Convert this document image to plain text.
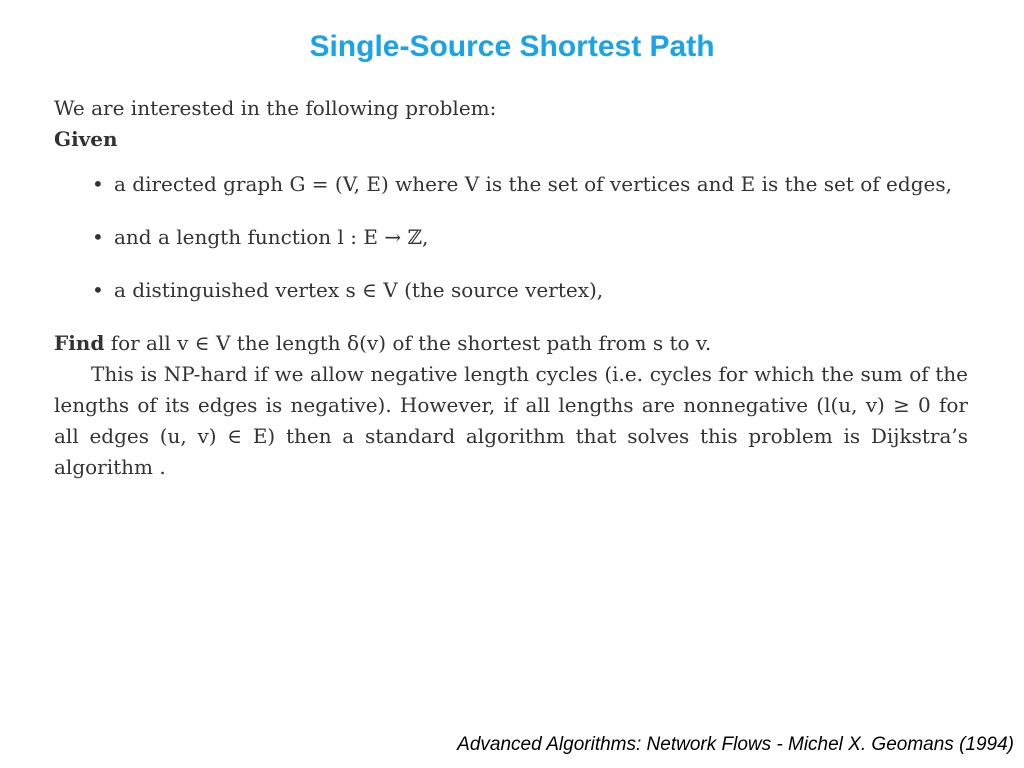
Single-Source Shortest Path
We are interested in the following problem:
Given
• a directed graph G = (V, E) where V is the set of vertices and E is the set of edges,
• and a length function l : E → ℤ,
• a distinguished vertex s ∈ V (the source vertex),
Find for all v ∈ V the length δ(v) of the shortest path from s to v.
This is NP-hard if we allow negative length cycles (i.e. cycles for which the sum of the lengths of its edges is negative). However, if all lengths are nonnegative (l(u, v) ≥ 0 for all edges (u, v) ∈ E) then a standard algorithm that solves this problem is Dijkstra’s algorithm .
Advanced Algorithms: Network Flows - Michel X. Geomans (1994)
